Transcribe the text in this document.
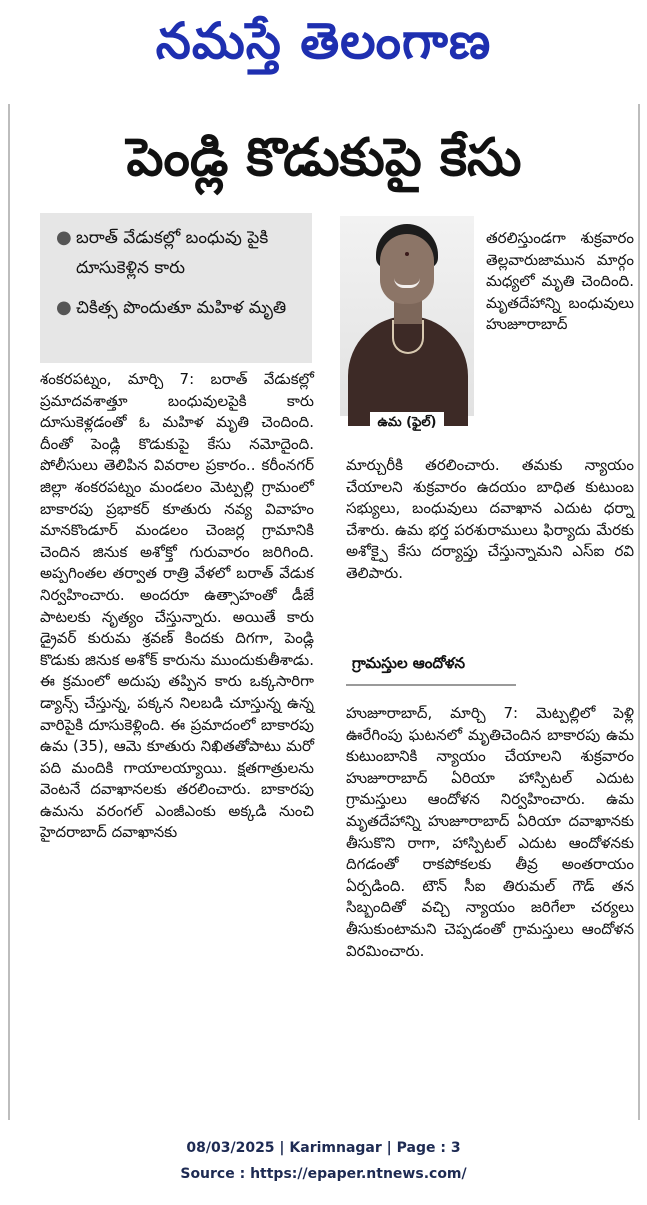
నమస్తే తెలంగాణ
పెండ్లి కొడుకుపై కేసు
● బరాత్ వేడుకల్లో బంధువు పైకి దూసుకెళ్లిన కారు
● చికిత్స పొందుతూ మహిళ మృతి
ఉమ (ఫైల్)
శంకరపట్నం, మార్చి 7: బరాత్ వేడుకల్లో ప్రమాదవశాత్తూ బంధువులపైకి కారు దూసుకెళ్లడంతో ఓ మహిళ మృతి చెందింది. దీంతో పెండ్లి కొడుకుపై కేసు నమోదైంది. పోలీసులు తెలిపిన వివరాల ప్రకారం.. కరీంనగర్ జిల్లా శంకరపట్నం మండలం మెట్పల్లి గ్రామంలో బాకారపు ప్రభాకర్ కూతురు నవ్య వివాహం మానకొండూర్ మండలం చెంజర్ల గ్రామానికి చెందిన జినుక అశోక్తో గురువారం జరిగింది. అప్పగింతల తర్వాత రాత్రి వేళలో బరాత్ వేడుక నిర్వహించారు. అందరూ ఉత్సాహంతో డీజే పాటలకు నృత్యం చేస్తున్నారు. అయితే కారు డ్రైవర్ కురుమ శ్రవణ్ కిందకు దిగగా, పెండ్లి కొడుకు జినుక అశోక్ కారును ముందుకుతీశాడు. ఈ క్రమంలో అదుపు తప్పిన కారు ఒక్కసారిగా డ్యాన్స్ చేస్తున్న, పక్కన నిలబడి చూస్తున్న ఉన్న వారిపైకి దూసుకెళ్లింది. ఈ ప్రమాదంలో బాకారపు ఉమ (35), ఆమె కూతురు నిఖితతోపాటు మరో పది మందికి గాయాలయ్యాయి. క్షతగాత్రులను వెంటనే దవాఖానలకు తరలించారు. బాకారపు ఉమను వరంగల్ ఎంజీఎంకు అక్కడి నుంచి హైదరాబాద్ దవాఖానకు
తరలిస్తుండగా శుక్రవారం తెల్లవారుజామున మార్గం మధ్యలో మృతి చెందింది. మృతదేహాన్ని బంధువులు హుజూరాబాద్
మార్చురీకి తరలించారు. తమకు న్యాయం చేయాలని శుక్రవారం ఉదయం బాధిత కుటుంబ సభ్యులు, బంధువులు దవాఖాన ఎదుట ధర్నా చేశారు. ఉమ భర్త పరశురాములు ఫిర్యాదు మేరకు అశోక్పై కేసు దర్యాప్తు చేస్తున్నామని ఎస్ఐ రవి తెలిపారు.
గ్రామస్తుల ఆందోళన
హుజూరాబాద్, మార్చి 7: మెట్పల్లిలో పెళ్లి ఊరేగింపు ఘటనలో మృతిచెందిన బాకారపు ఉమ కుటుంబానికి న్యాయం చేయాలని శుక్రవారం హుజూరాబాద్ ఏరియా హాస్పిటల్ ఎదుట గ్రామస్తులు ఆందోళన నిర్వహించారు. ఉమ మృతదేహాన్ని హుజూరాబాద్ ఏరియా దవాఖానకు తీసుకొని రాగా, హాస్పిటల్ ఎదుట ఆందోళనకు దిగడంతో రాకపోకలకు తీవ్ర అంతరాయం ఏర్పడింది. టౌన్ సీఐ తిరుమల్ గౌడ్ తన సిబ్బందితో వచ్చి న్యాయం జరిగేలా చర్యలు తీసుకుంటామని చెప్పడంతో గ్రామస్తులు ఆందోళన విరమించారు.
08/03/2025 | Karimnagar | Page : 3
Source : https://epaper.ntnews.com/
